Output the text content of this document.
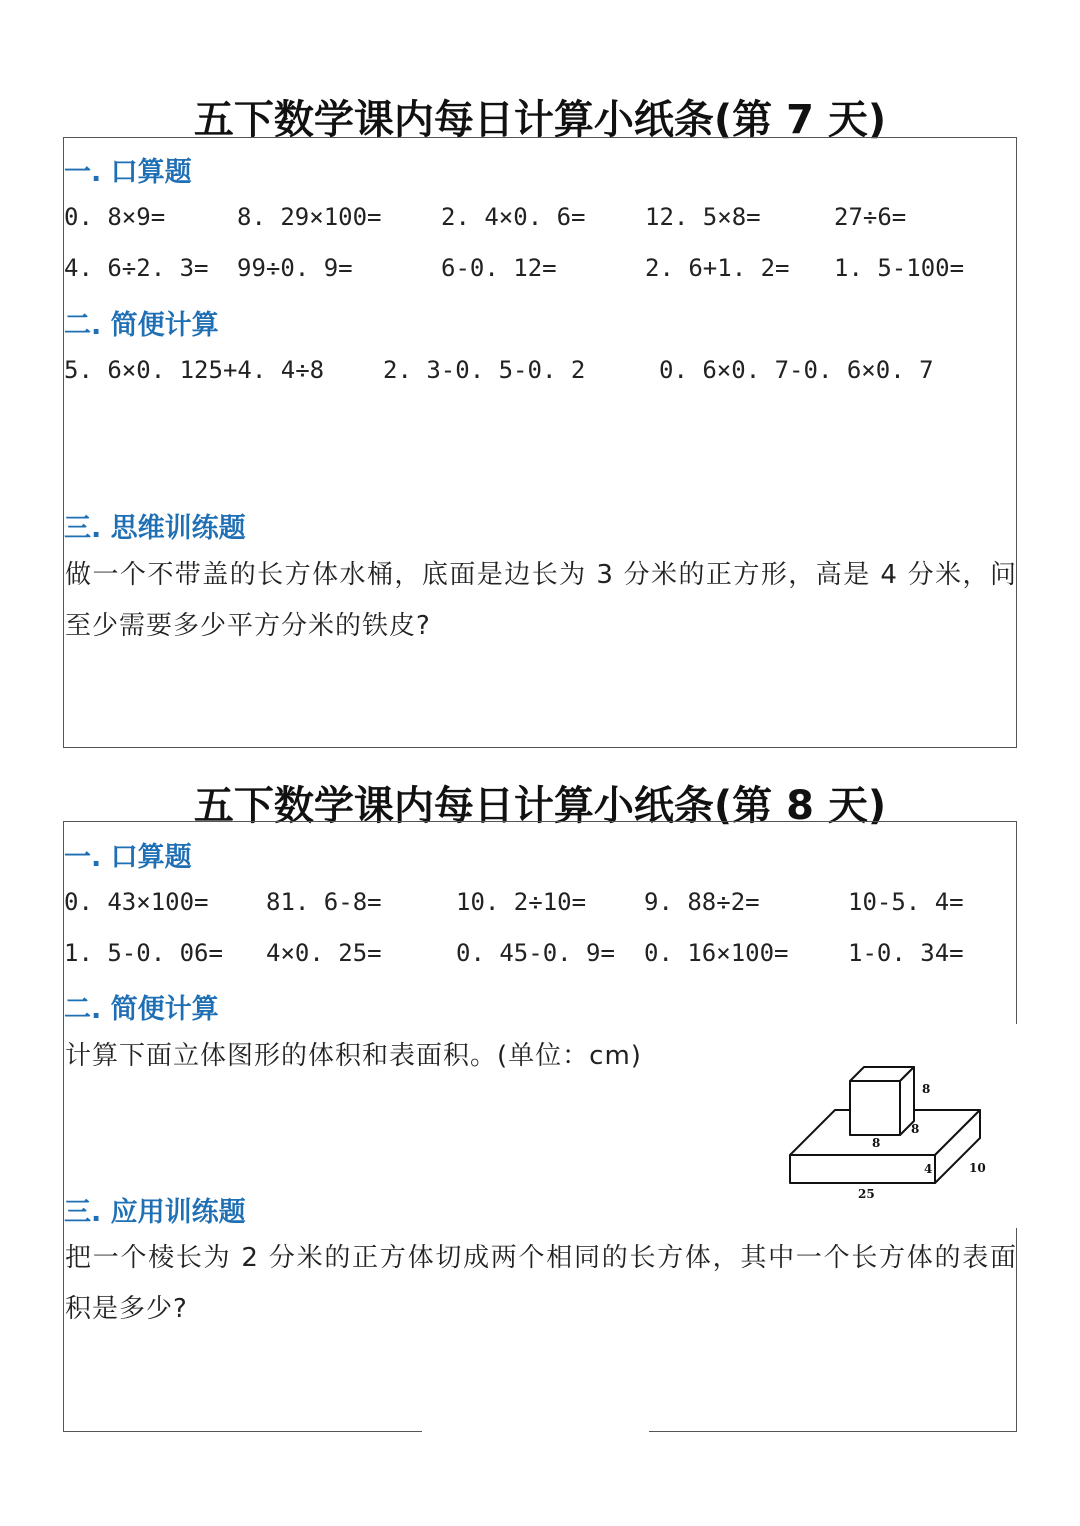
五下数学课内每日计算小纸条(第 7 天)
一. 口算题
0. 8×9=	8. 29×100= 2. 4×0. 6= 12. 5×8=	27÷6=
4. 6÷2. 3= 99÷0. 9=	6-0. 12=	2. 6+1. 2= 1. 5-100=
二. 简便计算
5. 6×0. 125+4. 4÷8 2. 3-0. 5-0. 2	0. 6×0. 7-0. 6×0. 7
三. 思维训练题
做一个不带盖的长方体水桶，底面是边长为 3 分米的正方形，高是 4 分米，问至少需要多少平方分米的铁皮?
五下数学课内每日计算小纸条(第 8 天)
一. 口算题
0. 43×100= 81. 6-8=	10. 2÷10= 9. 88÷2=	10-5. 4=
1. 5-0. 06= 4×0. 25=	0. 45-0. 9= 0. 16×100= 1-0. 34=
二. 简便计算
计算下面立体图形的体积和表面积。(单位：cm)
8
8
8
4	10
25
三. 应用训练题
把一个棱长为 2 分米的正方体切成两个相同的长方体，其中一个长方体的表面积是多少?
